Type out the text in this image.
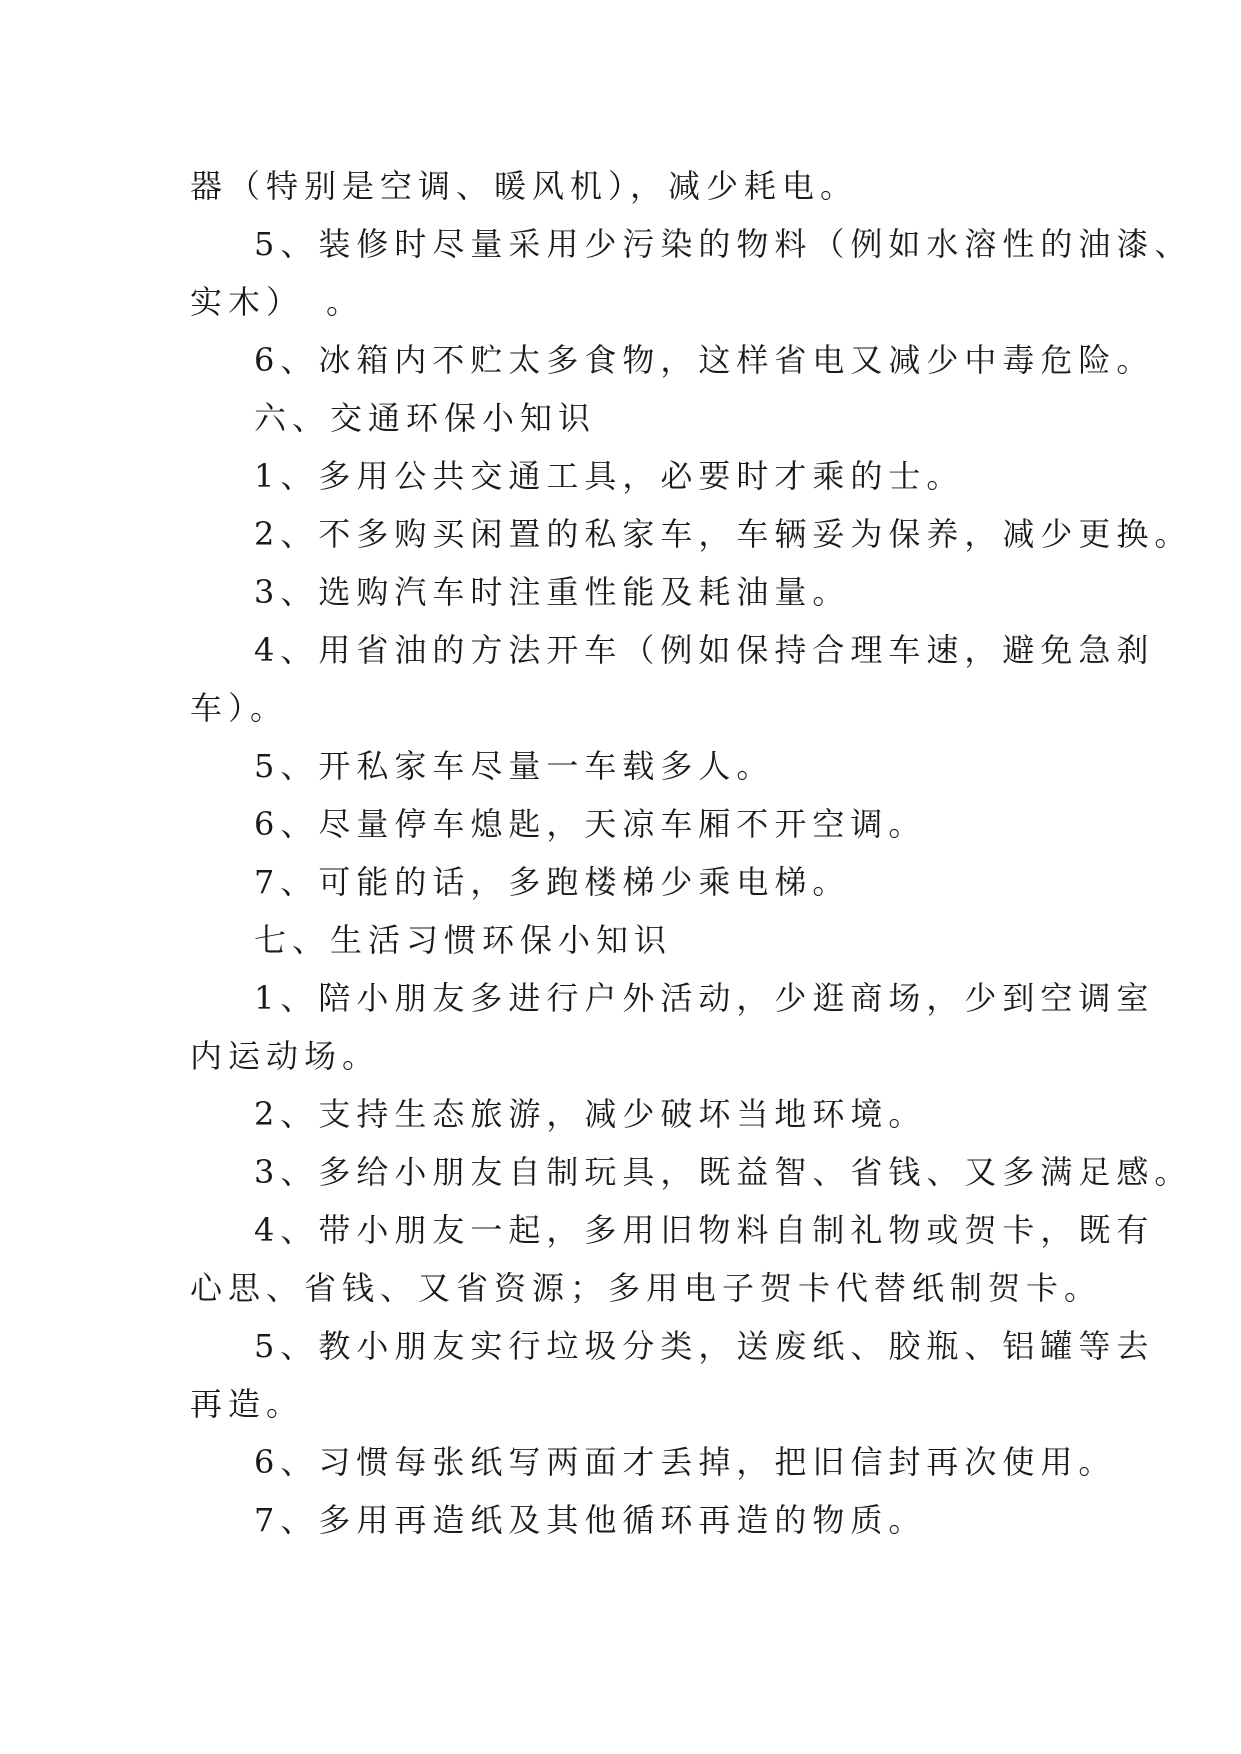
器（特别是空调、暖风机），减少耗电。
5、装修时尽量采用少污染的物料（例如水溶性的油漆、
实木）　。
6、冰箱内不贮太多食物，这样省电又减少中毒危险。
六、交通环保小知识
1、多用公共交通工具，必要时才乘的士。
2、不多购买闲置的私家车，车辆妥为保养，减少更换。
3、选购汽车时注重性能及耗油量。
4、用省油的方法开车（例如保持合理车速，避免急刹
车）。
5、开私家车尽量一车载多人。
6、尽量停车熄匙，天凉车厢不开空调。
7、可能的话，多跑楼梯少乘电梯。
七、生活习惯环保小知识
1、陪小朋友多进行户外活动，少逛商场，少到空调室
内运动场。
2、支持生态旅游，减少破坏当地环境。
3、多给小朋友自制玩具，既益智、省钱、又多满足感。
4、带小朋友一起，多用旧物料自制礼物或贺卡，既有
心思、省钱、又省资源；多用电子贺卡代替纸制贺卡。
5、教小朋友实行垃圾分类，送废纸、胶瓶、铝罐等去
再造。
6、习惯每张纸写两面才丢掉，把旧信封再次使用。
7、多用再造纸及其他循环再造的物质。
